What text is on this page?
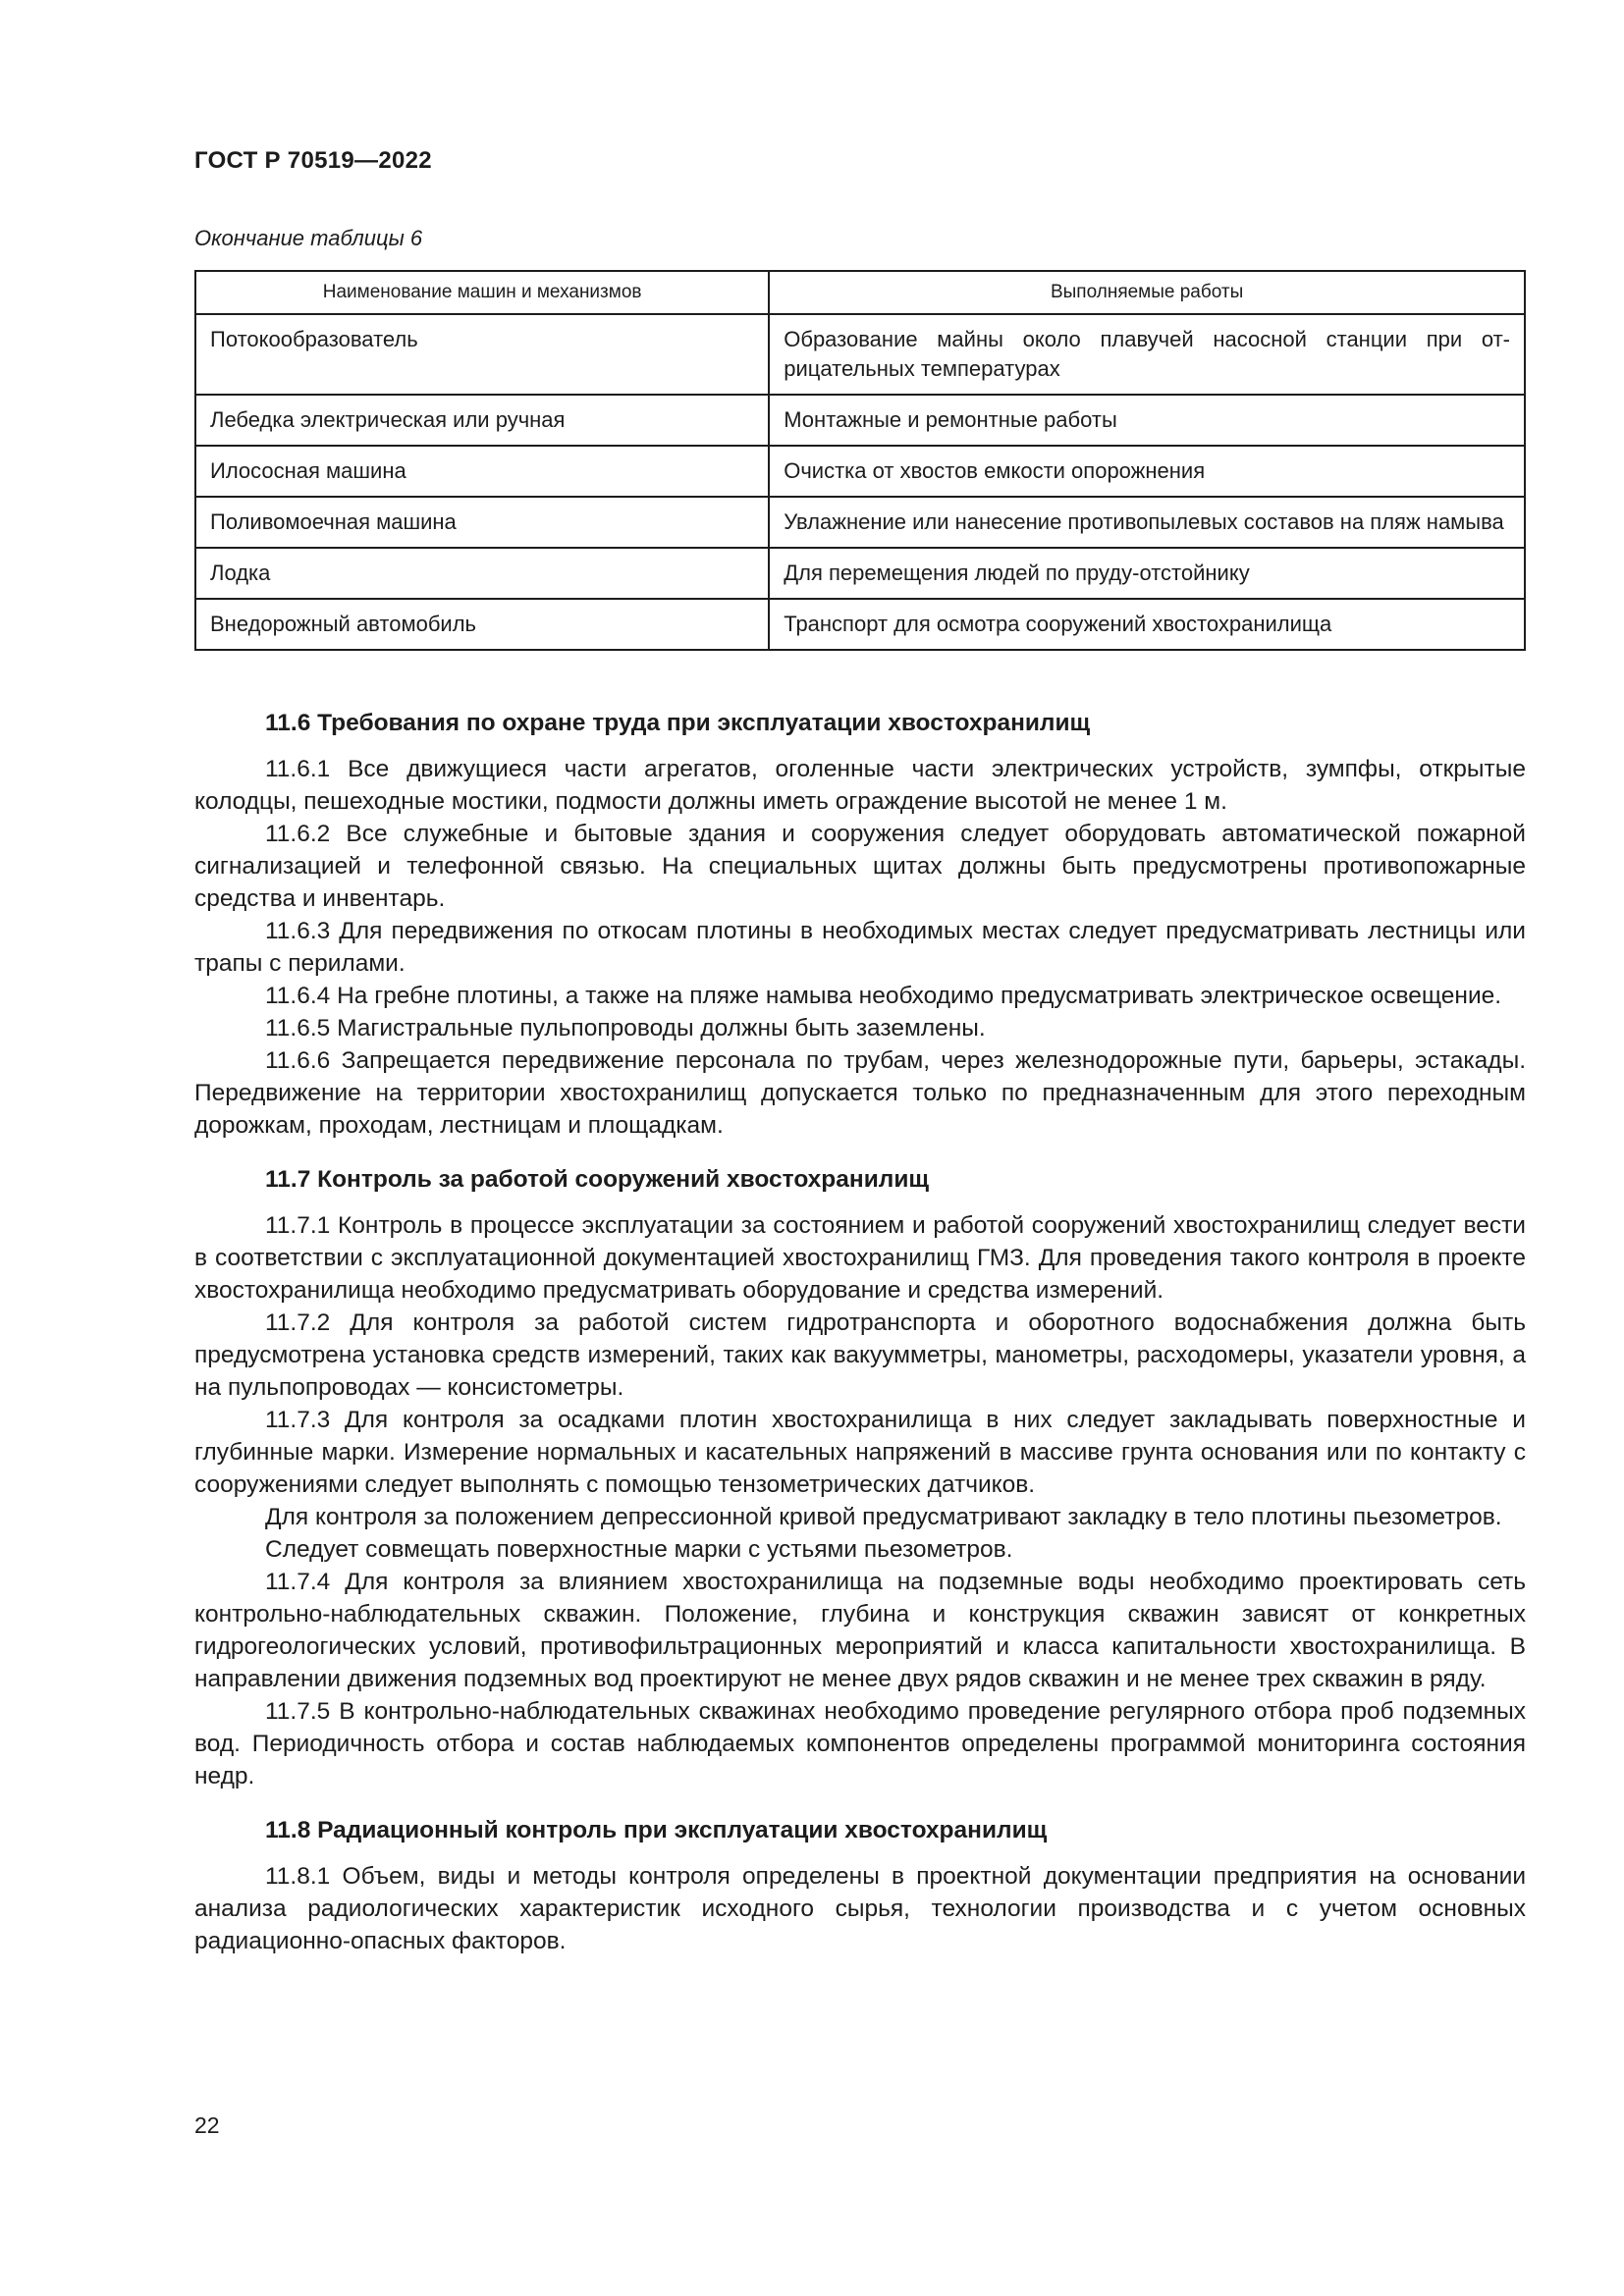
ГОСТ Р 70519—2022
Окончание таблицы 6
Наименование машин и механизмов	Выполняемые работы
Потокообразователь	Образование майны около плавучей насосной станции при отрицательных температурах
Лебедка электрическая или ручная	Монтажные и ремонтные работы
Илососная машина	Очистка от хвостов емкости опорожнения
Поливомоечная машина	Увлажнение или нанесение противопылевых составов на пляж намыва
Лодка	Для перемещения людей по пруду-отстойнику
Внедорожный автомобиль	Транспорт для осмотра сооружений хвостохранилища
11.6 Требования по охране труда при эксплуатации хвостохранилищ

11.6.1 Все движущиеся части агрегатов, оголенные части электрических устройств, зумпфы, открытые колодцы, пешеходные мостики, подмости должны иметь ограждение высотой не менее 1 м.

11.6.2 Все служебные и бытовые здания и сооружения следует оборудовать автоматической пожарной сигнализацией и телефонной связью. На специальных щитах должны быть предусмотрены противопожарные средства и инвентарь.

11.6.3 Для передвижения по откосам плотины в необходимых местах следует предусматривать лестницы или трапы с перилами.

11.6.4 На гребне плотины, а также на пляже намыва необходимо предусматривать электрическое освещение.

11.6.5 Магистральные пульпопроводы должны быть заземлены.

11.6.6 Запрещается передвижение персонала по трубам, через железнодорожные пути, барьеры, эстакады. Передвижение на территории хвостохранилищ допускается только по предназначенным для этого переходным дорожкам, проходам, лестницам и площадкам.

11.7 Контроль за работой сооружений хвостохранилищ

11.7.1 Контроль в процессе эксплуатации за состоянием и работой сооружений хвостохранилищ следует вести в соответствии с эксплуатационной документацией хвостохранилищ ГМЗ. Для проведения такого контроля в проекте хвостохранилища необходимо предусматривать оборудование и средства измерений.

11.7.2 Для контроля за работой систем гидротранспорта и оборотного водоснабжения должна быть предусмотрена установка средств измерений, таких как вакуумметры, манометры, расходомеры, указатели уровня, а на пульпопроводах — консистометры.

11.7.3 Для контроля за осадками плотин хвостохранилища в них следует закладывать поверхностные и глубинные марки. Измерение нормальных и касательных напряжений в массиве грунта основания или по контакту с сооружениями следует выполнять с помощью тензометрических датчиков.

Для контроля за положением депрессионной кривой предусматривают закладку в тело плотины пьезометров.

Следует совмещать поверхностные марки с устьями пьезометров.

11.7.4 Для контроля за влиянием хвостохранилища на подземные воды необходимо проектировать сеть контрольно-наблюдательных скважин. Положение, глубина и конструкция скважин зависят от конкретных гидрогеологических условий, противофильтрационных мероприятий и класса капитальности хвостохранилища. В направлении движения подземных вод проектируют не менее двух рядов скважин и не менее трех скважин в ряду.

11.7.5 В контрольно-наблюдательных скважинах необходимо проведение регулярного отбора проб подземных вод. Периодичность отбора и состав наблюдаемых компонентов определены программой мониторинга состояния недр.

11.8 Радиационный контроль при эксплуатации хвостохранилищ

11.8.1 Объем, виды и методы контроля определены в проектной документации предприятия на основании анализа радиологических характеристик исходного сырья, технологии производства и с учетом основных радиационно-опасных факторов.

22
